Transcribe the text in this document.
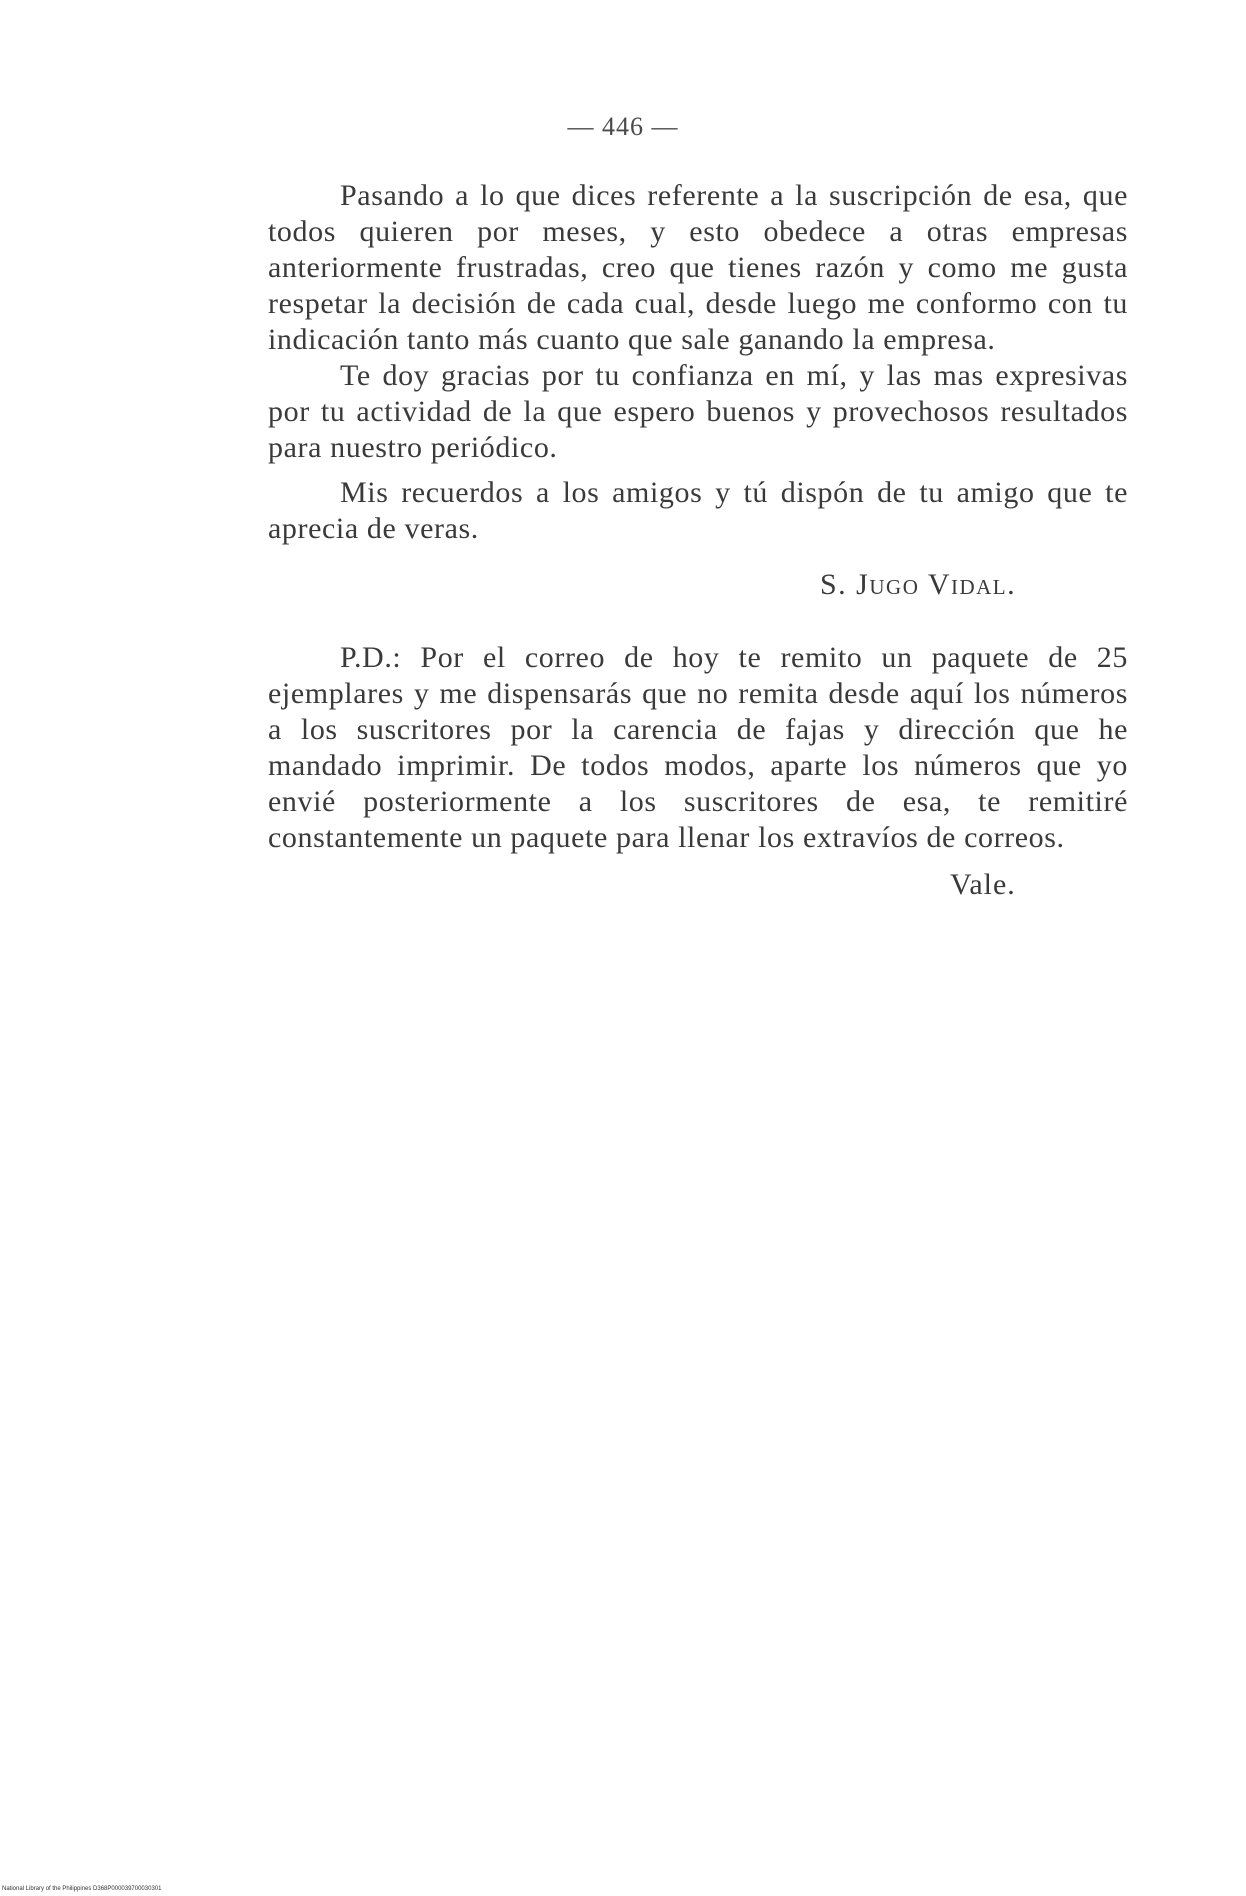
— 446 —

Pasando a lo que dices referente a la suscripción de esa, que todos quieren por meses, y esto obedece a otras empresas anteriormente frustradas, creo que tienes razón y como me gusta respetar la decisión de cada cual, desde luego me conformo con tu indicación tanto más cuanto que sale ganando la empresa.

Te doy gracias por tu confianza en mí, y las mas expresivas por tu actividad de la que espero buenos y provechosos resultados para nuestro periódico.

Mis recuerdos a los amigos y tú dispón de tu amigo que te aprecia de veras.

S. Jugo Vidal.

P.D.: Por el correo de hoy te remito un paquete de 25 ejemplares y me dispensarás que no remita desde aquí los números a los suscritores por la carencia de fajas y dirección que he mandado imprimir. De todos modos, aparte los números que yo envié posteriormente a los suscritores de esa, te remitiré constantemente un paquete para llenar los extravíos de correos.

Vale.
National Library of the Philippines D368P000039700030301
